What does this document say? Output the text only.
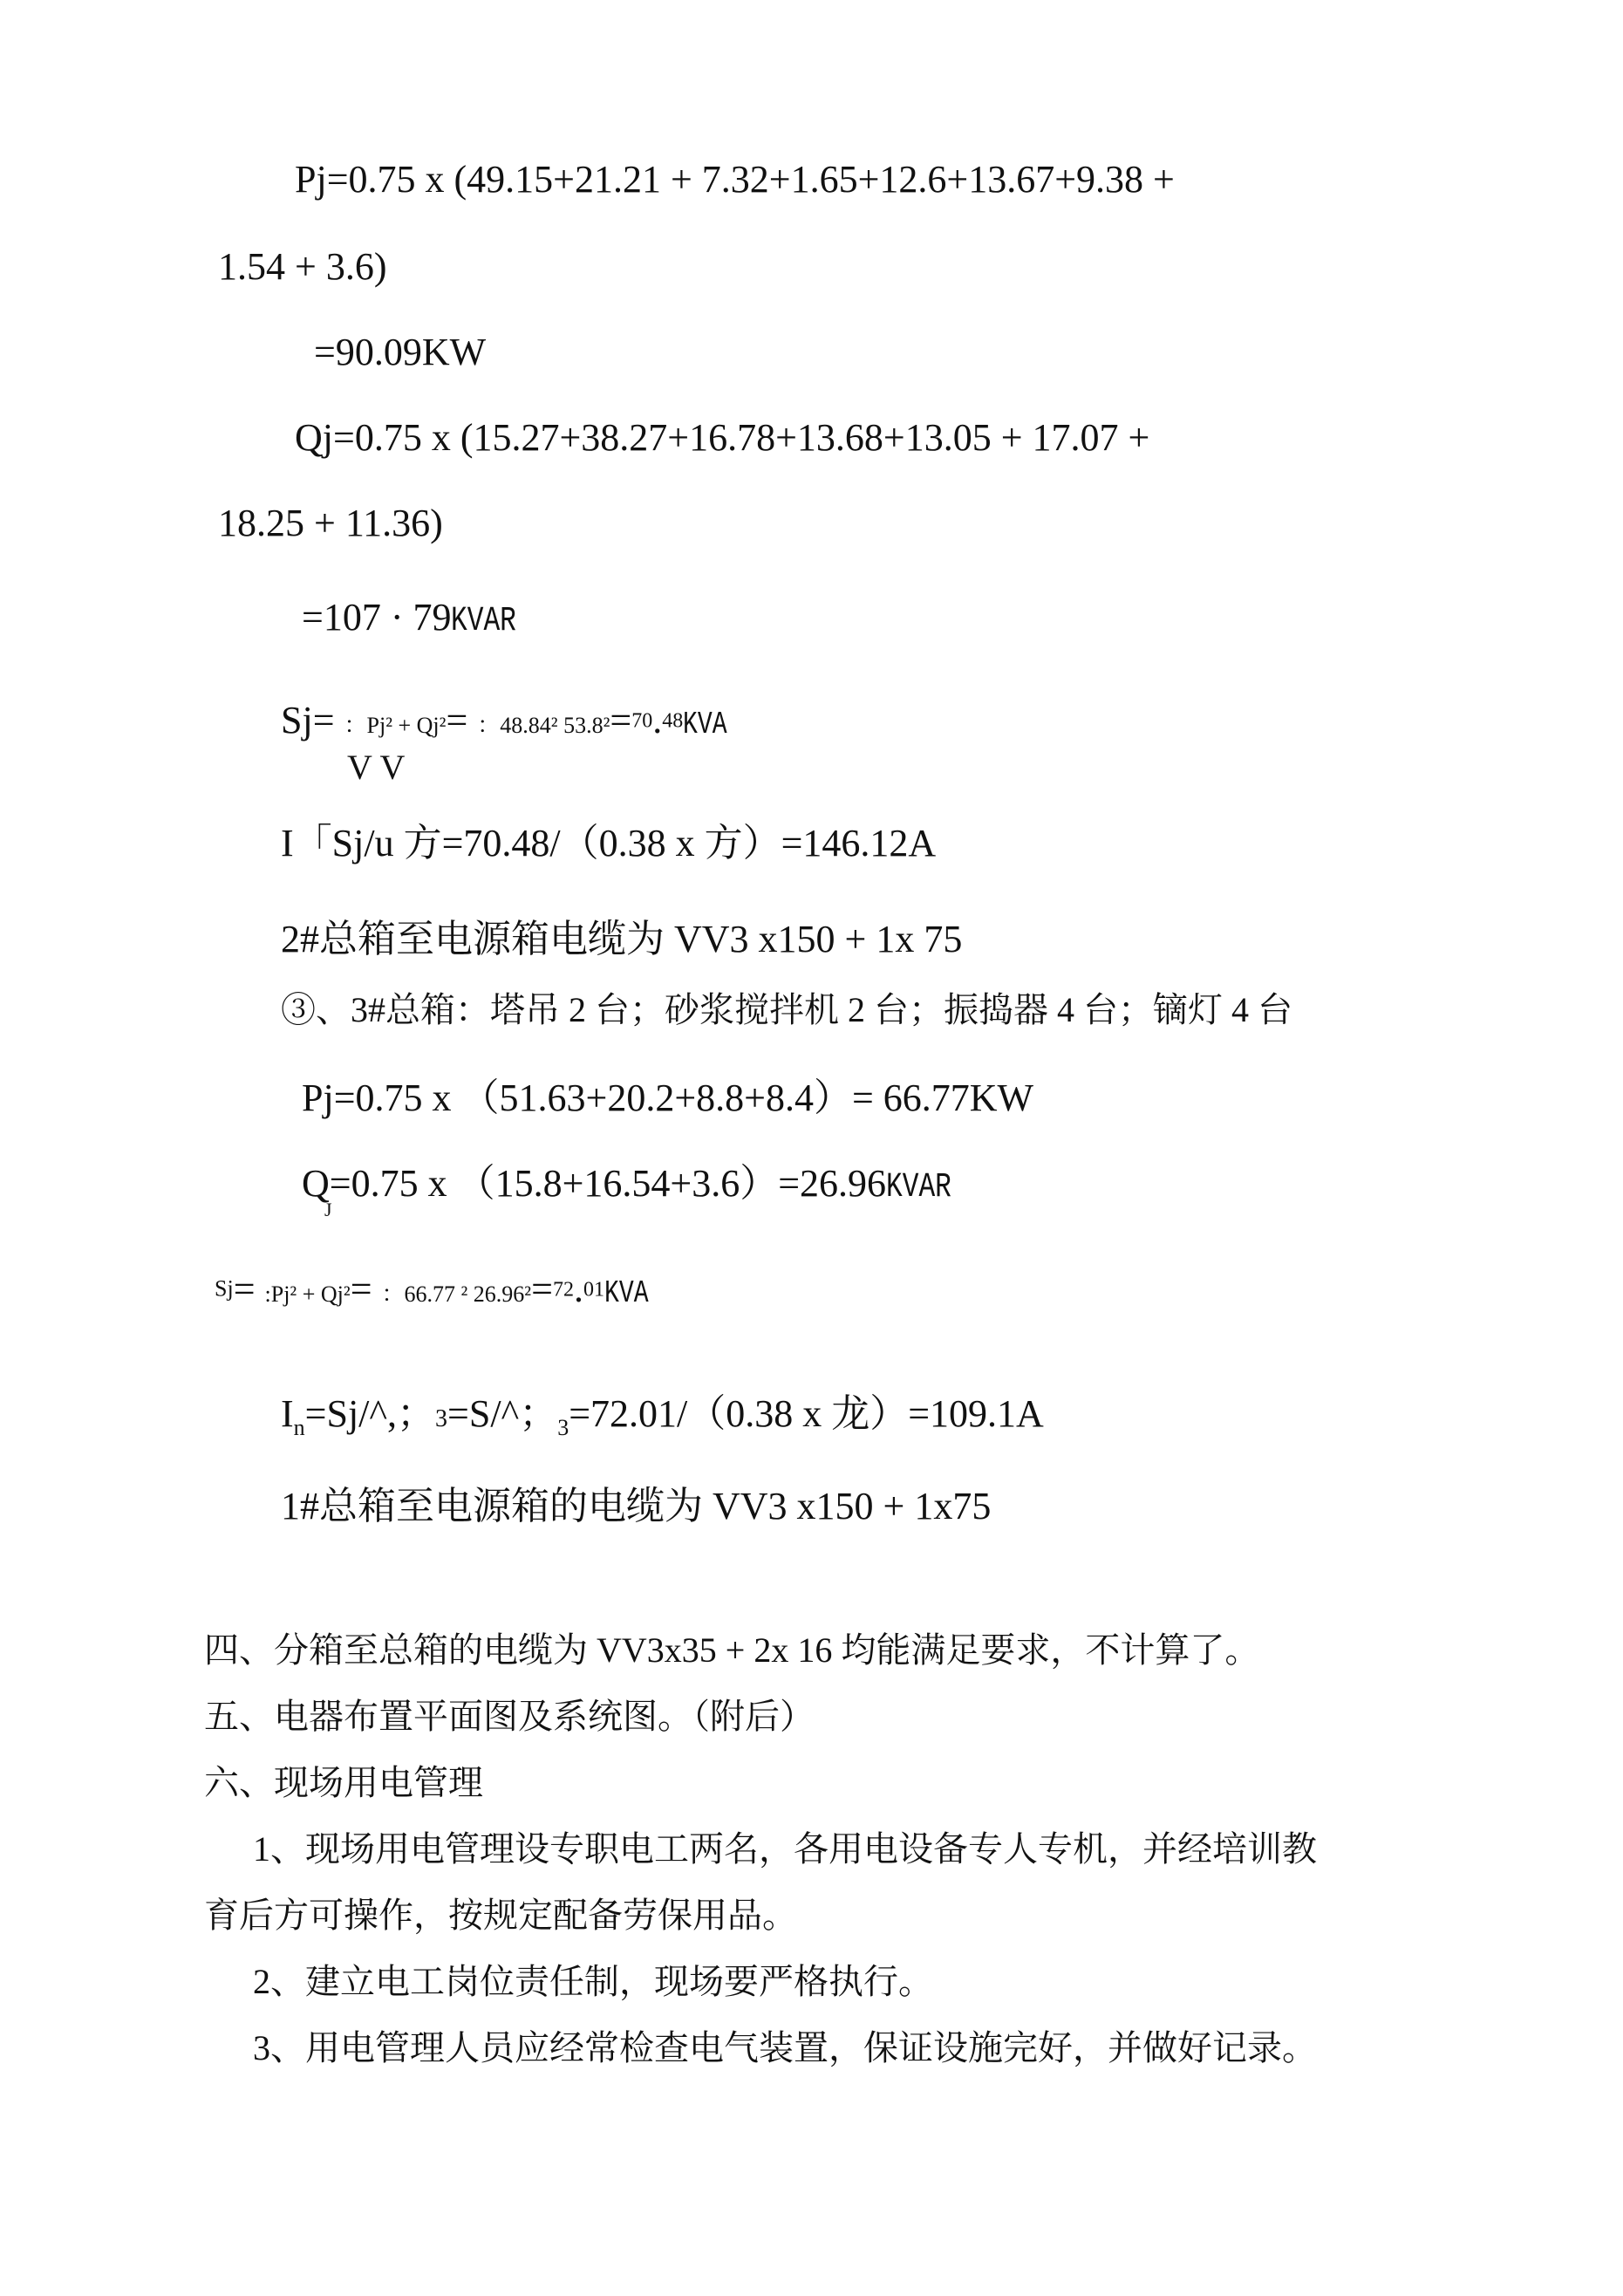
Pj=0.75 x (49.15+21.21 + 7.32+1.65+12.6+13.67+9.38 +
1.54 + 3.6)
=90.09KW
Qj=0.75 x (15.27+38.27+16.78+13.68+13.05 + 17.07 +
18.25 + 11.36)
=107 · 79KVAR
Sj= ：Pj² + Qj²= ：48.84² 53.8²=70.48KVA
V V
I「Sj/u 方=70.48/（0.38 x 方）=146.12A
2#总箱至电源箱电缆为 VV3 x150 + 1x 75
③、3#总箱：塔吊 2 台；砂浆搅拌机 2 台；振捣器 4 台；镝灯 4 台
Pj=0.75 x （51.63+20.2+8.8+8.4）= 66.77KW
Q=0.75 x （15.8+16.54+3.6）=26.96KVAR
J
Sj= :Pj² + Qj²= ：66.77 ² 26.96²=72.01KVA
$I_n=Sj/\^{}$,；3=S/^；$_3$=72.01/（0.38 x 龙）=109.1A
1#总箱至电源箱的电缆为 VV3 x150 + 1x75
四、分箱至总箱的电缆为 VV3x35 + 2x 16 均能满足要求，不计算了。
五、电器布置平面图及系统图。（附后）
六、现场用电管理
1、现场用电管理设专职电工两名，各用电设备专人专机，并经培训教
育后方可操作，按规定配备劳保用品。
2、建立电工岗位责任制，现场要严格执行。
3、用电管理人员应经常检查电气装置，保证设施完好，并做好记录。
